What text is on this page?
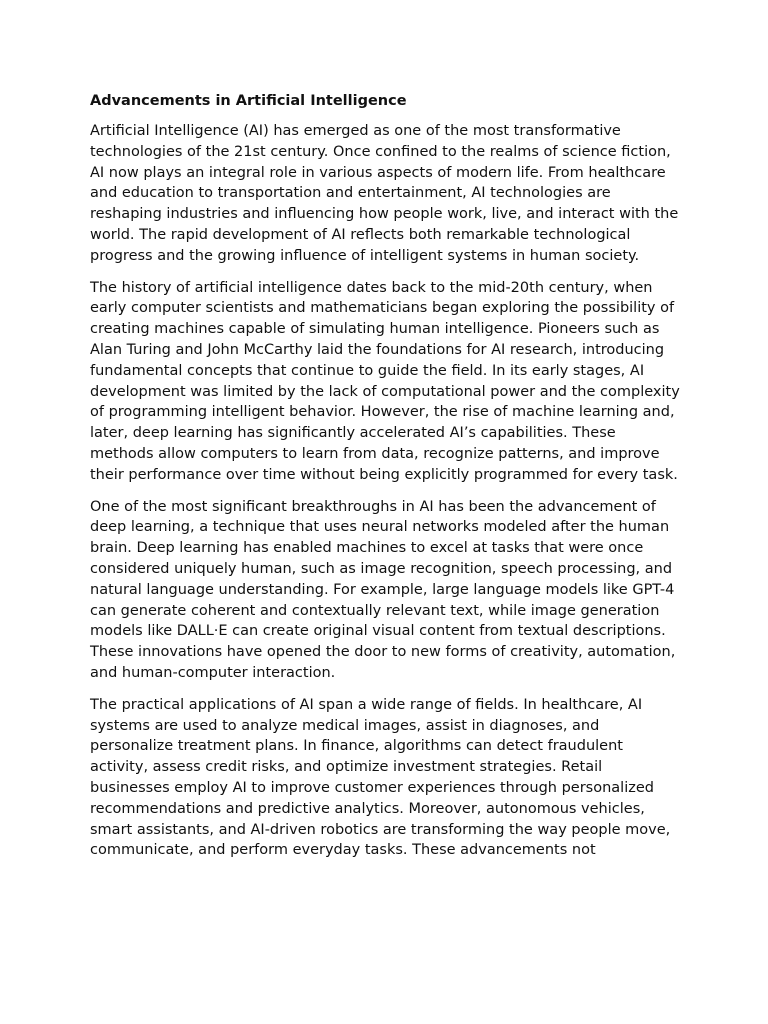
Advancements in Artificial Intelligence

Artificial Intelligence (AI) has emerged as one of the most transformative technologies of the 21st century. Once confined to the realms of science fiction, AI now plays an integral role in various aspects of modern life. From healthcare and education to transportation and entertainment, AI technologies are reshaping industries and influencing how people work, live, and interact with the world. The rapid development of AI reflects both remarkable technological progress and the growing influence of intelligent systems in human society.

The history of artificial intelligence dates back to the mid-20th century, when early computer scientists and mathematicians began exploring the possibility of creating machines capable of simulating human intelligence. Pioneers such as Alan Turing and John McCarthy laid the foundations for AI research, introducing fundamental concepts that continue to guide the field. In its early stages, AI development was limited by the lack of computational power and the complexity of programming intelligent behavior. However, the rise of machine learning and, later, deep learning has significantly accelerated AI’s capabilities. These methods allow computers to learn from data, recognize patterns, and improve their performance over time without being explicitly programmed for every task.

One of the most significant breakthroughs in AI has been the advancement of deep learning, a technique that uses neural networks modeled after the human brain. Deep learning has enabled machines to excel at tasks that were once considered uniquely human, such as image recognition, speech processing, and natural language understanding. For example, large language models like GPT-4 can generate coherent and contextually relevant text, while image generation models like DALL·E can create original visual content from textual descriptions. These innovations have opened the door to new forms of creativity, automation, and human-computer interaction.

The practical applications of AI span a wide range of fields. In healthcare, AI systems are used to analyze medical images, assist in diagnoses, and personalize treatment plans. In finance, algorithms can detect fraudulent activity, assess credit risks, and optimize investment strategies. Retail businesses employ AI to improve customer experiences through personalized recommendations and predictive analytics. Moreover, autonomous vehicles, smart assistants, and AI-driven robotics are transforming the way people move, communicate, and perform everyday tasks. These advancements not
